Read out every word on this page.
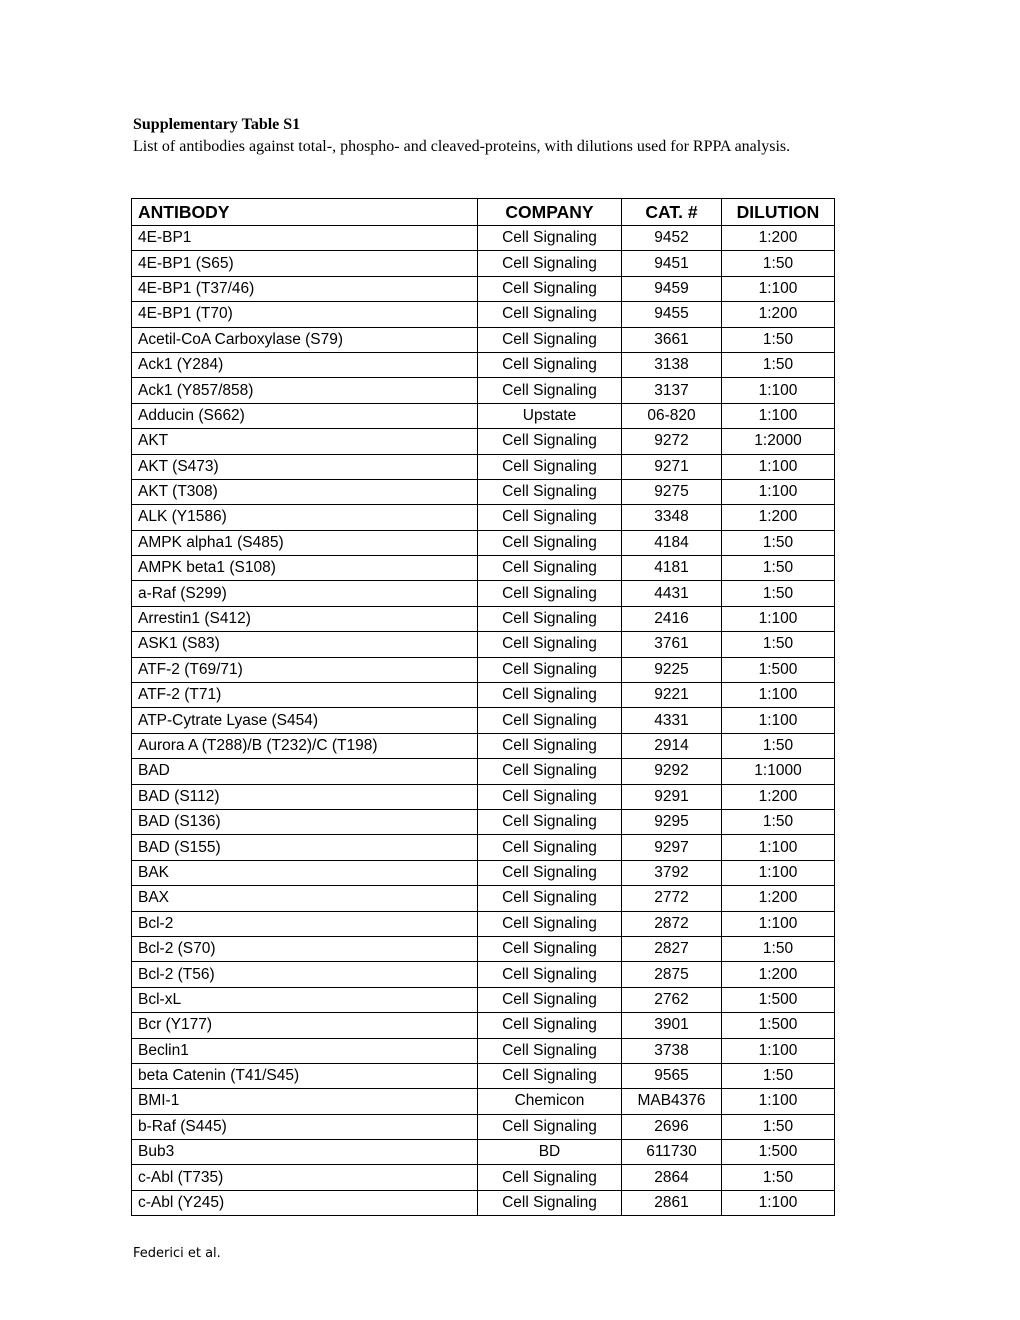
Supplementary Table S1
List of antibodies against total-, phospho- and cleaved-proteins, with dilutions used for RPPA analysis.
ANTIBODY	COMPANY	CAT. #	DILUTION
4E-BP1	Cell Signaling	9452	1:200
4E-BP1 (S65)	Cell Signaling	9451	1:50
4E-BP1 (T37/46)	Cell Signaling	9459	1:100
4E-BP1 (T70)	Cell Signaling	9455	1:200
Acetil-CoA Carboxylase (S79)	Cell Signaling	3661	1:50
Ack1 (Y284)	Cell Signaling	3138	1:50
Ack1 (Y857/858)	Cell Signaling	3137	1:100
Adducin (S662)	Upstate	06-820	1:100
AKT	Cell Signaling	9272	1:2000
AKT (S473)	Cell Signaling	9271	1:100
AKT (T308)	Cell Signaling	9275	1:100
ALK (Y1586)	Cell Signaling	3348	1:200
AMPK alpha1 (S485)	Cell Signaling	4184	1:50
AMPK beta1 (S108)	Cell Signaling	4181	1:50
a-Raf (S299)	Cell Signaling	4431	1:50
Arrestin1 (S412)	Cell Signaling	2416	1:100
ASK1 (S83)	Cell Signaling	3761	1:50
ATF-2 (T69/71)	Cell Signaling	9225	1:500
ATF-2 (T71)	Cell Signaling	9221	1:100
ATP-Cytrate Lyase (S454)	Cell Signaling	4331	1:100
Aurora A (T288)/B (T232)/C (T198)	Cell Signaling	2914	1:50
BAD	Cell Signaling	9292	1:1000
BAD (S112)	Cell Signaling	9291	1:200
BAD (S136)	Cell Signaling	9295	1:50
BAD (S155)	Cell Signaling	9297	1:100
BAK	Cell Signaling	3792	1:100
BAX	Cell Signaling	2772	1:200
Bcl-2	Cell Signaling	2872	1:100
Bcl-2 (S70)	Cell Signaling	2827	1:50
Bcl-2 (T56)	Cell Signaling	2875	1:200
Bcl-xL	Cell Signaling	2762	1:500
Bcr (Y177)	Cell Signaling	3901	1:500
Beclin1	Cell Signaling	3738	1:100
beta Catenin (T41/S45)	Cell Signaling	9565	1:50
BMI-1	Chemicon	MAB4376	1:100
b-Raf (S445)	Cell Signaling	2696	1:50
Bub3	BD	611730	1:500
c-Abl (T735)	Cell Signaling	2864	1:50
c-Abl (Y245)	Cell Signaling	2861	1:100
Federici et al.
